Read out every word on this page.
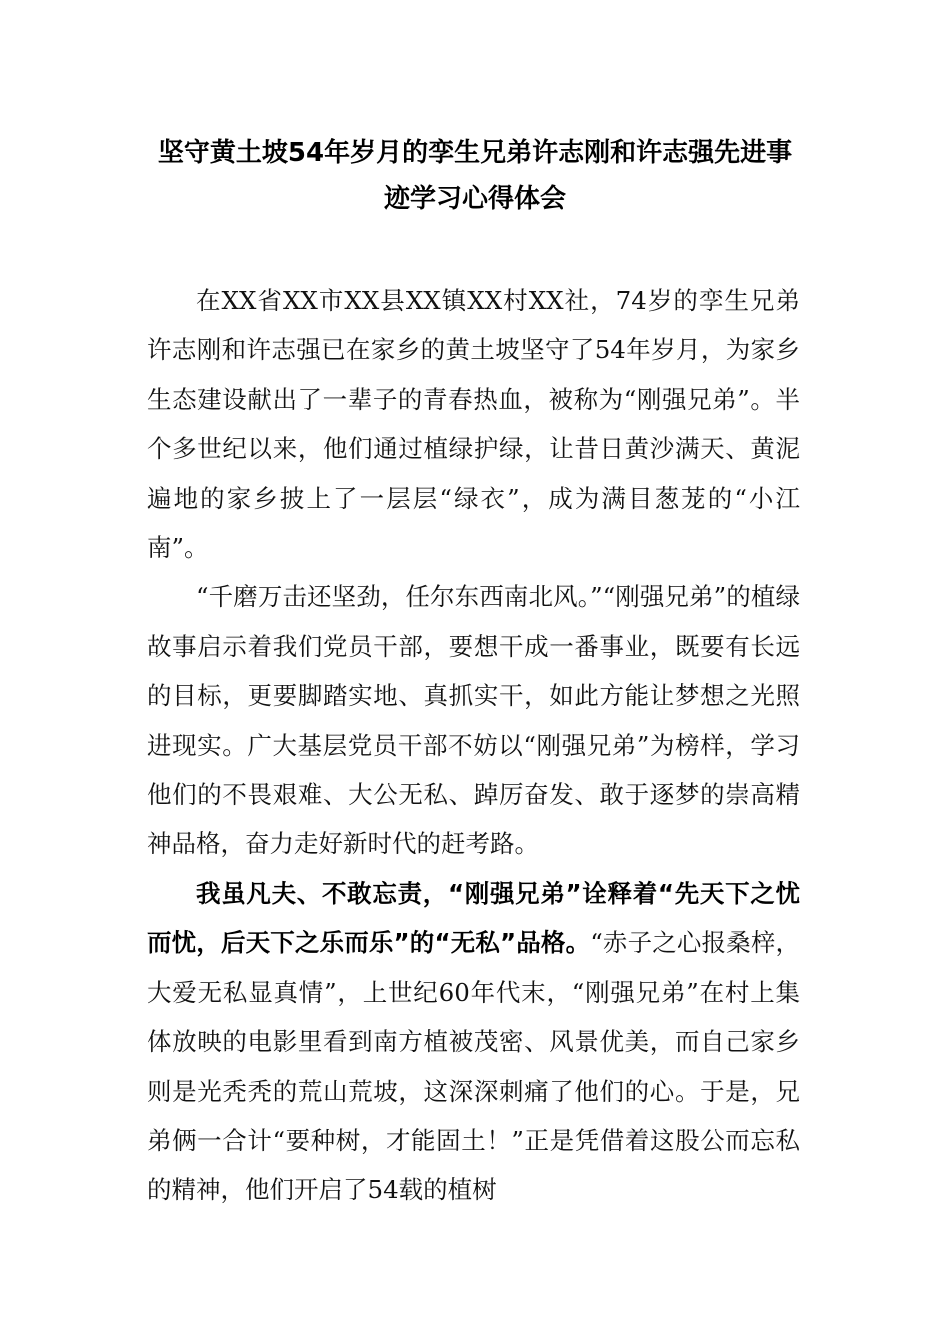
坚守黄土坡54年岁月的孪生兄弟许志刚和许志强先进事迹学习心得体会

在XX省XX市XX县XX镇XX村XX社，74岁的孪生兄弟许志刚和许志强已在家乡的黄土坡坚守了54年岁月，为家乡生态建设献出了一辈子的青春热血，被称为“刚强兄弟”。半个多世纪以来，他们通过植绿护绿，让昔日黄沙满天、黄泥遍地的家乡披上了一层层“绿衣”，成为满目葱茏的“小江南”。

“千磨万击还坚劲，任尔东西南北风。”“刚强兄弟”的植绿故事启示着我们党员干部，要想干成一番事业，既要有长远的目标，更要脚踏实地、真抓实干，如此方能让梦想之光照进现实。广大基层党员干部不妨以“刚强兄弟”为榜样，学习他们的不畏艰难、大公无私、踔厉奋发、敢于逐梦的崇高精神品格，奋力走好新时代的赶考路。

我虽凡夫、不敢忘责，“刚强兄弟”诠释着“先天下之忧而忧，后天下之乐而乐”的“无私”品格。“赤子之心报桑梓，大爱无私显真情”，上世纪60年代末，“刚强兄弟”在村上集体放映的电影里看到南方植被茂密、风景优美，而自己家乡则是光秃秃的荒山荒坡，这深深刺痛了他们的心。于是，兄弟俩一合计“要种树，才能固土！”正是凭借着这股公而忘私的精神，他们开启了54载的植树
